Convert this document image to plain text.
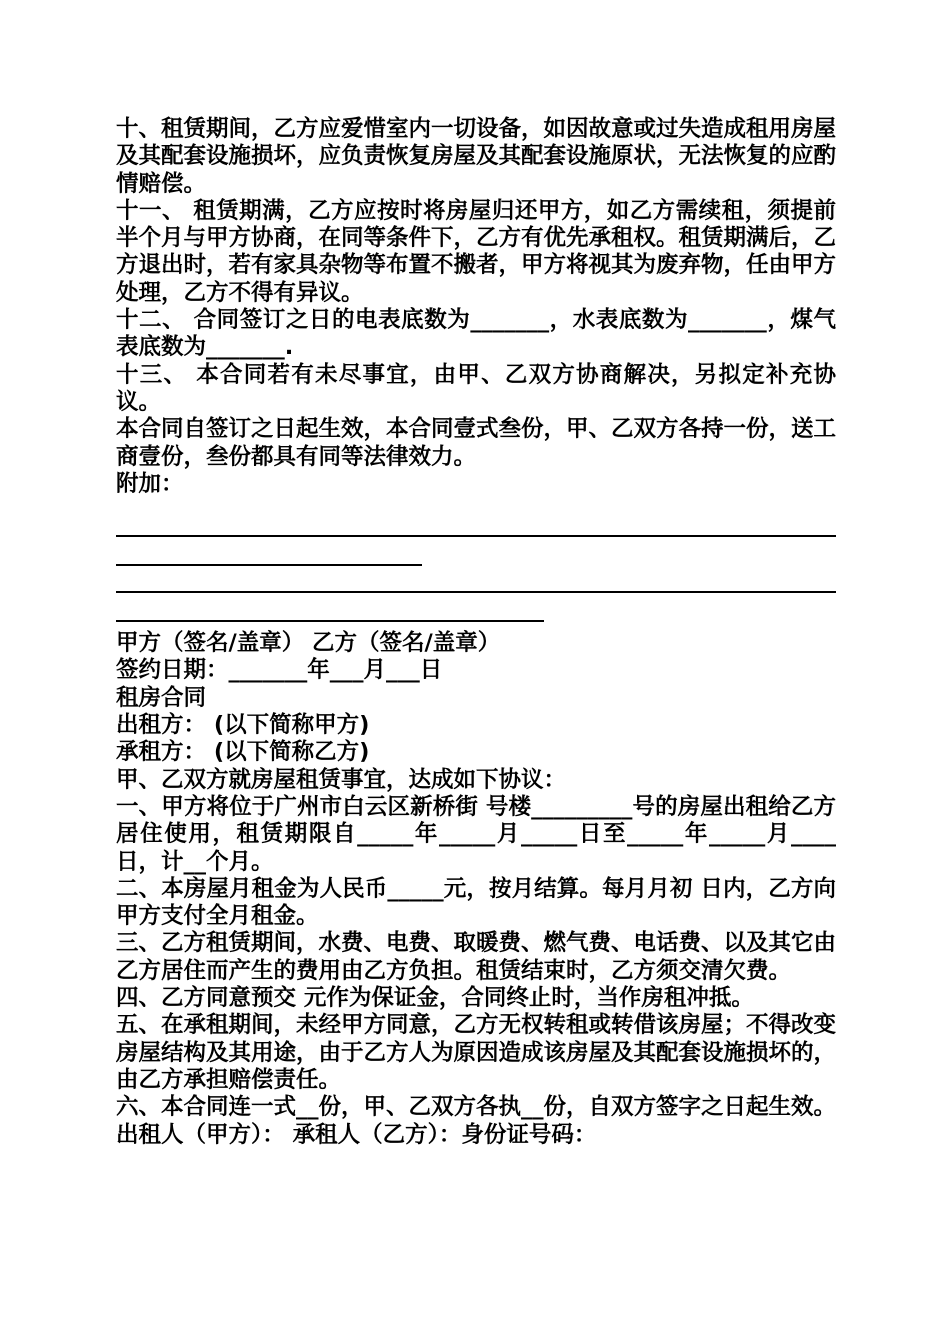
十、租赁期间，乙方应爱惜室内一切设备，如因故意或过失造成租用房屋及其配套设施损坏，应负责恢复房屋及其配套设施原状，无法恢复的应酌情赔偿。

十一、 租赁期满，乙方应按时将房屋归还甲方，如乙方需续租，须提前半个月与甲方协商，在同等条件下，乙方有优先承租权。租赁期满后，乙方退出时，若有家具杂物等布置不搬者，甲方将视其为废弃物，任由甲方处理，乙方不得有异议。

十二、 合同签订之日的电表底数为_______，水表底数为_______，煤气表底数为_______.

十三、 本合同若有未尽事宜，由甲、乙双方协商解决，另拟定补充协议。

本合同自签订之日起生效，本合同壹式叁份，甲、乙双方各持一份，送工商壹份，叁份都具有同等法律效力。

附加：

甲方（签名/盖章） 乙方（签名/盖章）

签约日期：_______年___月___日

租房合同

出租方： (以下简称甲方)

承租方： (以下简称乙方)

甲、乙双方就房屋租赁事宜，达成如下协议：

一、甲方将位于广州市白云区新桥街 号楼_________号的房屋出租给乙方居住使用，租赁期限自_____年_____月_____日至_____年_____月____日，计__个月。

二、本房屋月租金为人民币_____元，按月结算。每月月初 日内，乙方向甲方支付全月租金。

三、乙方租赁期间，水费、电费、取暖费、燃气费、电话费、以及其它由乙方居住而产生的费用由乙方负担。租赁结束时，乙方须交清欠费。

四、乙方同意预交 元作为保证金，合同终止时，当作房租冲抵。

五、在承租期间，未经甲方同意，乙方无权转租或转借该房屋；不得改变房屋结构及其用途，由于乙方人为原因造成该房屋及其配套设施损坏的，由乙方承担赔偿责任。

六、本合同连一式__份，甲、乙双方各执__份，自双方签字之日起生效。

出租人（甲方）： 承租人（乙方）：身份证号码：
